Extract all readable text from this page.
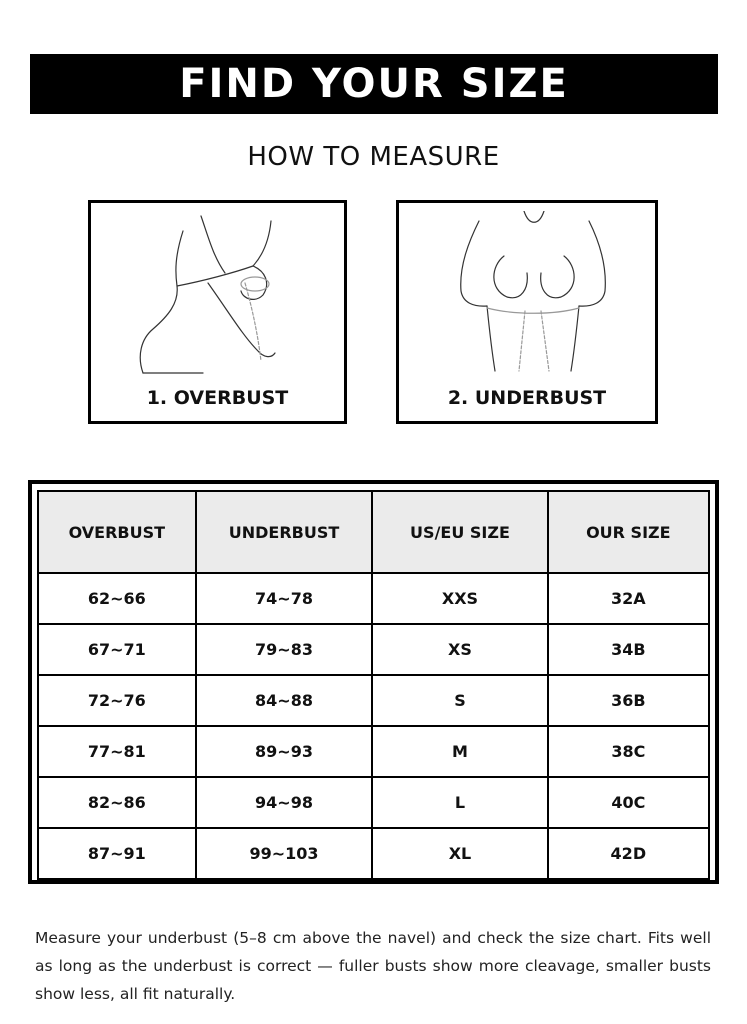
FIND YOUR SIZE
HOW TO MEASURE
1. OVERBUST	2. UNDERBUST
OVERBUST	UNDERBUST	US/EU SIZE	OUR SIZE
62~66	74~78	XXS	32A
67~71	79~83	XS	34B
72~76	84~88	S	36B
77~81	89~93	M	38C
82~86	94~98	L	40C
87~91	99~103	XL	42D

Measure your underbust (5–8 cm above the navel) and check the size chart. Fits well as long as the underbust is correct — fuller busts show more cleavage, smaller busts show less, all fit naturally.
